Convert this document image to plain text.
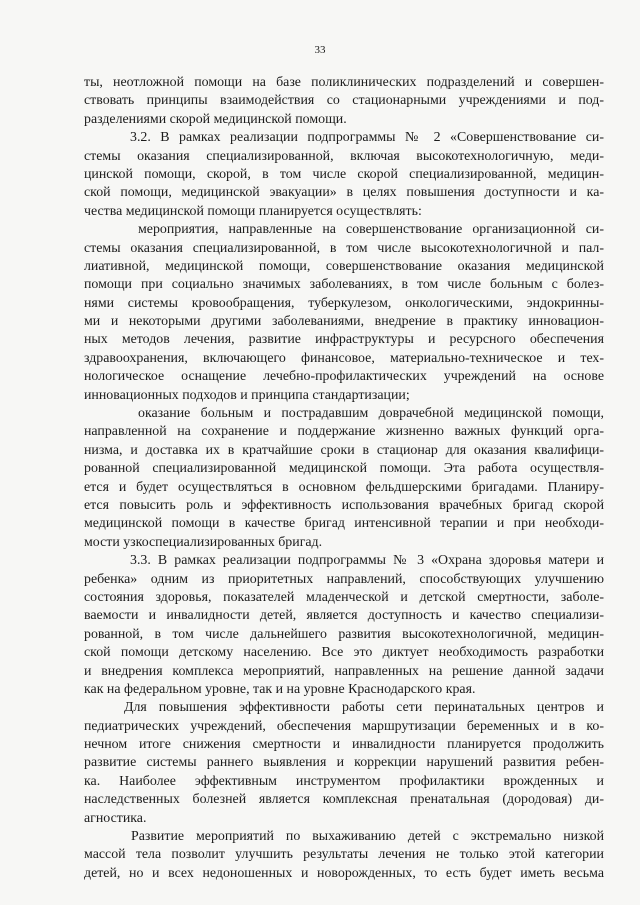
33
ты, неотложной помощи на базе поликлинических подразделений и совершен-
ствовать принципы взаимодействия со стационарными учреждениями и под-
разделениями скорой медицинской помощи.
3.2. В рамках реализации подпрограммы № 2 «Совершенствование си-
стемы оказания специализированной, включая высокотехнологичную, меди-
цинской помощи, скорой, в том числе скорой специализированной, медицин-
ской помощи, медицинской эвакуации» в целях повышения доступности и ка-
чества медицинской помощи планируется осуществлять:
мероприятия, направленные на совершенствование организационной си-
стемы оказания специализированной, в том числе высокотехнологичной и пал-
лиативной, медицинской помощи, совершенствование оказания медицинской
помощи при социально значимых заболеваниях, в том числе больным с болез-
нями системы кровообращения, туберкулезом, онкологическими, эндокринны-
ми и некоторыми другими заболеваниями, внедрение в практику инновацион-
ных методов лечения, развитие инфраструктуры и ресурсного обеспечения
здравоохранения, включающего финансовое, материально-техническое и тех-
нологическое оснащение лечебно-профилактических учреждений на основе
инновационных подходов и принципа стандартизации;
оказание больным и пострадавшим доврачебной медицинской помощи,
направленной на сохранение и поддержание жизненно важных функций орга-
низма, и доставка их в кратчайшие сроки в стационар для оказания квалифици-
рованной специализированной медицинской помощи. Эта работа осуществля-
ется и будет осуществляться в основном фельдшерскими бригадами. Планиру-
ется повысить роль и эффективность использования врачебных бригад скорой
медицинской помощи в качестве бригад интенсивной терапии и при необходи-
мости узкоспециализированных бригад.
3.3. В рамках реализации подпрограммы № 3 «Охрана здоровья матери и
ребенка» одним из приоритетных направлений, способствующих улучшению
состояния здоровья, показателей младенческой и детской смертности, заболе-
ваемости и инвалидности детей, является доступность и качество специализи-
рованной, в том числе дальнейшего развития высокотехнологичной, медицин-
ской помощи детскому населению. Все это диктует необходимость разработки
и внедрения комплекса мероприятий, направленных на решение данной задачи
как на федеральном уровне, так и на уровне Краснодарского края.
Для повышения эффективности работы сети перинатальных центров и
педиатрических учреждений, обеспечения маршрутизации беременных и в ко-
нечном итоге снижения смертности и инвалидности планируется продолжить
развитие системы раннего выявления и коррекции нарушений развития ребен-
ка. Наиболее эффективным инструментом профилактики врожденных и
наследственных болезней является комплексная пренатальная (дородовая) ди-
агностика.
Развитие мероприятий по выхаживанию детей с экстремально низкой
массой тела позволит улучшить результаты лечения не только этой категории
детей, но и всех недоношенных и новорожденных, то есть будет иметь весьма
